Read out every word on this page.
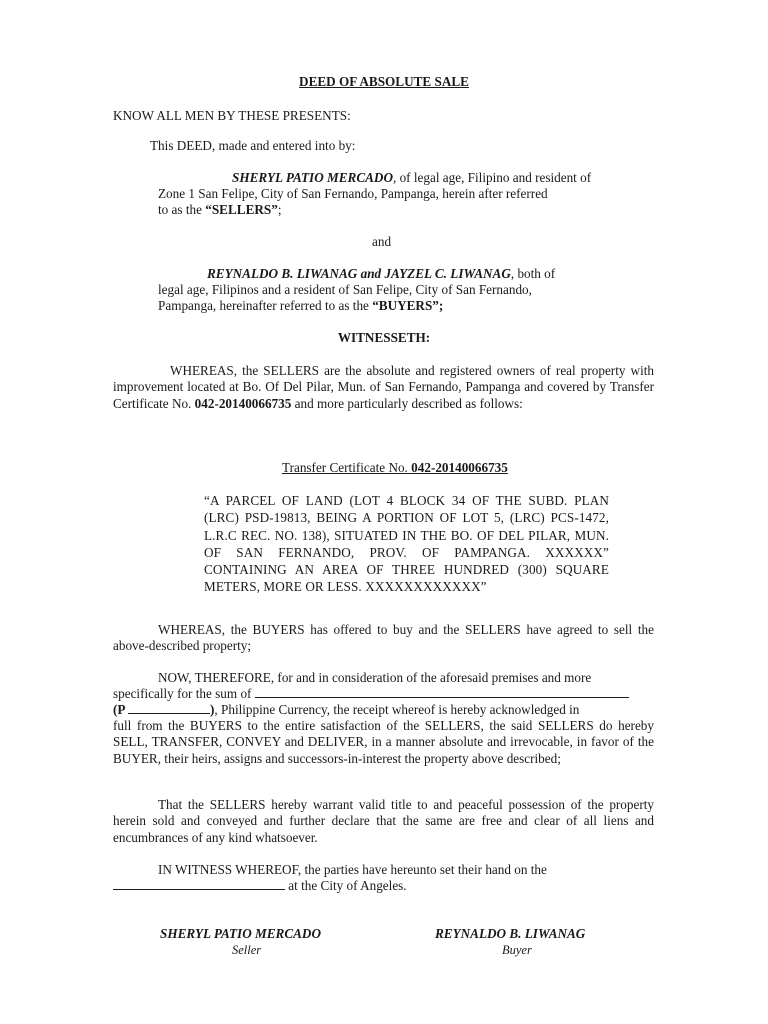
DEED OF ABSOLUTE SALE
KNOW ALL MEN BY THESE PRESENTS:
This DEED, made and entered into by:
SHERYL PATIO MERCADO, of legal age, Filipino and resident of
Zone 1 San Felipe, City of San Fernando, Pampanga, herein after referred
to as the “SELLERS”;
and
REYNALDO B. LIWANAG and JAYZEL C. LIWANAG, both of
legal age, Filipinos and a resident of San Felipe, City of San Fernando,
Pampanga, hereinafter referred to as the “BUYERS”;
WITNESSETH:
WHEREAS, the SELLERS are the absolute and registered owners of real property with improvement located at Bo. Of Del Pilar, Mun. of San Fernando, Pampanga and covered by Transfer Certificate No. 042-20140066735 and more particularly described as follows:
Transfer Certificate No. 042-20140066735
“A PARCEL OF LAND (LOT 4 BLOCK 34 OF THE SUBD. PLAN (LRC) PSD-19813, BEING A PORTION OF LOT 5, (LRC) PCS-1472, L.R.C REC. NO. 138), SITUATED IN THE BO. OF DEL PILAR, MUN. OF SAN FERNANDO, PROV. OF PAMPANGA. XXXXXX” CONTAINING AN AREA OF THREE HUNDRED (300) SQUARE METERS, MORE OR LESS. XXXXXXXXXXXX”
WHEREAS, the BUYERS has offered to buy and the SELLERS have agreed to sell the above-described property;
NOW, THEREFORE, for and in consideration of the aforesaid premises and more
specifically for the sum of
(P	), Philippine Currency, the receipt whereof is hereby acknowledged in
full from the BUYERS to the entire satisfaction of the SELLERS, the said SELLERS do hereby SELL, TRANSFER, CONVEY and DELIVER, in a manner absolute and irrevocable, in favor of the BUYER, their heirs, assigns and successors-in-interest the property above described;
That the SELLERS hereby warrant valid title to and peaceful possession of the property herein sold and conveyed and further declare that the same are free and clear of all liens and encumbrances of any kind whatsoever.
IN WITNESS WHEREOF, the parties have hereunto set their hand on the
at the City of Angeles.
SHERYL PATIO MERCADO
Seller
REYNALDO B. LIWANAG
Buyer
